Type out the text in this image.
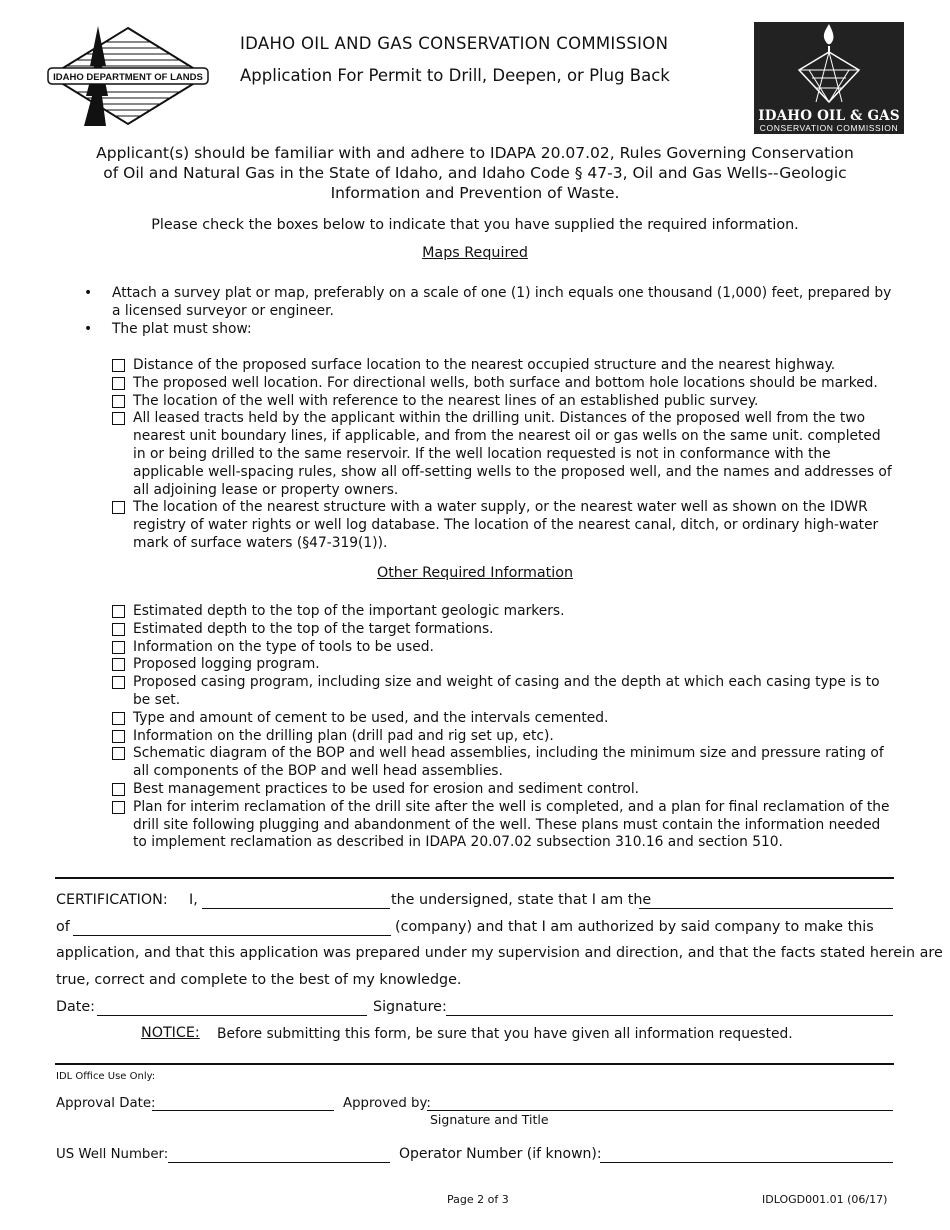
IDAHO DEPARTMENT OF LANDS
IDAHO OIL AND GAS CONSERVATION COMMISSION
Application For Permit to Drill, Deepen, or Plug Back
IDAHO OIL & GAS
CONSERVATION COMMISSION
Applicant(s) should be familiar with and adhere to IDAPA 20.07.02, Rules Governing Conservation
of Oil and Natural Gas in the State of Idaho, and Idaho Code § 47-3, Oil and Gas Wells--Geologic
Information and Prevention of Waste.
Please check the boxes below to indicate that you have supplied the required information.
Maps Required
• Attach a survey plat or map, preferably on a scale of one (1) inch equals one thousand (1,000) feet, prepared by a licensed surveyor or engineer.
• The plat must show:
Distance of the proposed surface location to the nearest occupied structure and the nearest highway.
The proposed well location. For directional wells, both surface and bottom hole locations should be marked.
The location of the well with reference to the nearest lines of an established public survey.
All leased tracts held by the applicant within the drilling unit. Distances of the proposed well from the two nearest unit boundary lines, if applicable, and from the nearest oil or gas wells on the same unit. completed in or being drilled to the same reservoir. If the well location requested is not in conformance with the applicable well-spacing rules, show all off-setting wells to the proposed well, and the names and addresses of all adjoining lease or property owners.
The location of the nearest structure with a water supply, or the nearest water well as shown on the IDWR registry of water rights or well log database. The location of the nearest canal, ditch, or ordinary high-water mark of surface waters (§47-319(1)).
Other Required Information
Estimated depth to the top of the important geologic markers.
Estimated depth to the top of the target formations.
Information on the type of tools to be used.
Proposed logging program.
Proposed casing program, including size and weight of casing and the depth at which each casing type is to be set.
Type and amount of cement to be used, and the intervals cemented.
Information on the drilling plan (drill pad and rig set up, etc).
Schematic diagram of the BOP and well head assemblies, including the minimum size and pressure rating of all components of the BOP and well head assemblies.
Best management practices to be used for erosion and sediment control.
Plan for interim reclamation of the drill site after the well is completed, and a plan for final reclamation of the drill site following plugging and abandonment of the well. These plans must contain the information needed to implement reclamation as described in IDAPA 20.07.02 subsection 310.16 and section 510.
CERTIFICATION: I,	the undersigned, state that I am the
of	(company) and that I am authorized by said company to make this
application, and that this application was prepared under my supervision and direction, and that the facts stated herein are
true, correct and complete to the best of my knowledge.
Date:	Signature:
NOTICE: Before submitting this form, be sure that you have given all information requested.
IDL Office Use Only:
Approval Date:	Approved by:
Signature and Title
US Well Number:	Operator Number (if known):
Page 2 of 3	IDLOGD001.01 (06/17)
